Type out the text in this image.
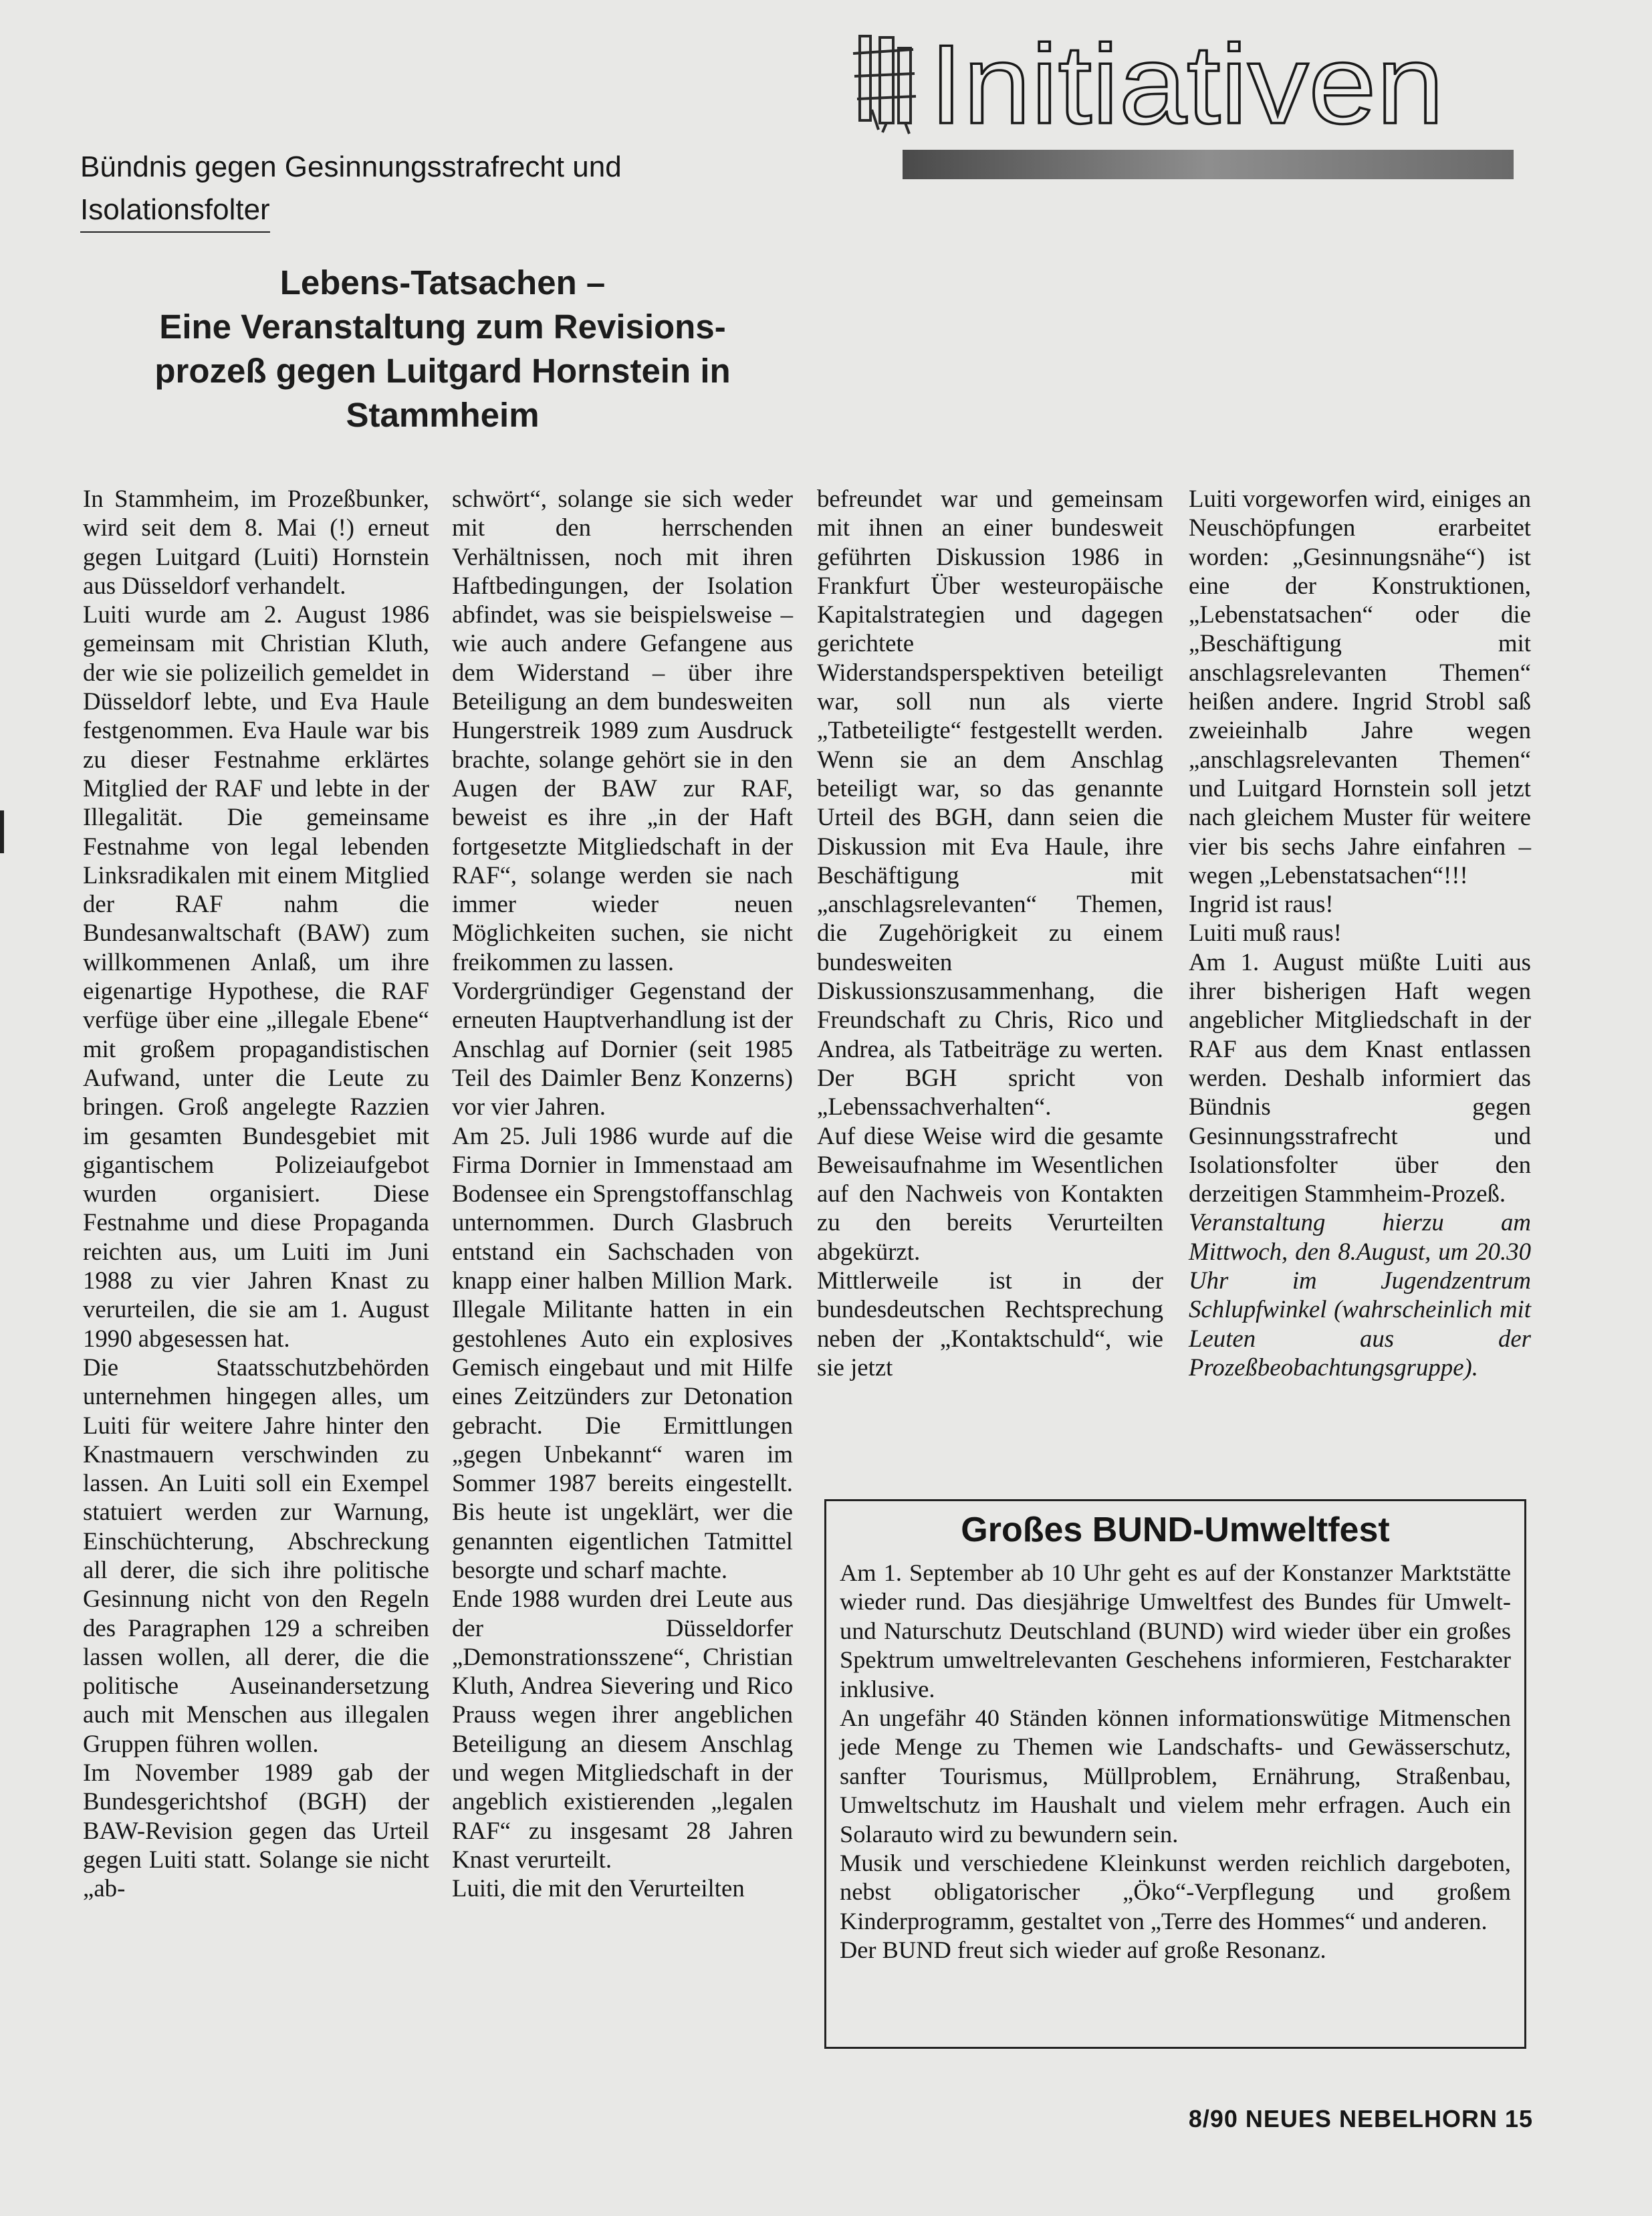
Initiativen
Bündnis gegen Gesinnungsstrafrecht und
Isolationsfolter
Lebens-Tatsachen –
Eine Veranstaltung zum Revisions-
prozeß gegen Luitgard Hornstein in
Stammheim

In Stammheim, im Prozeßbunker, wird seit dem 8. Mai (!) erneut gegen Luitgard (Luiti) Hornstein aus Düsseldorf verhandelt.

Luiti wurde am 2. August 1986 gemeinsam mit Christian Kluth, der wie sie polizeilich gemeldet in Düsseldorf lebte, und Eva Haule festgenommen. Eva Haule war bis zu dieser Festnahme erklärtes Mitglied der RAF und lebte in der Illegalität. Die gemeinsame Festnahme von legal lebenden Linksradikalen mit einem Mitglied der RAF nahm die Bundesanwaltschaft (BAW) zum willkommenen Anlaß, um ihre eigenartige Hypothese, die RAF verfüge über eine „illegale Ebene“ mit großem propagandistischen Aufwand, unter die Leute zu bringen. Groß angelegte Razzien im gesamten Bundesgebiet mit gigantischem Polizeiaufgebot wurden organisiert. Diese Festnahme und diese Propaganda reichten aus, um Luiti im Juni 1988 zu vier Jahren Knast zu verurteilen, die sie am 1. August 1990 abgesessen hat.

Die Staatsschutzbehörden unternehmen hingegen alles, um Luiti für weitere Jahre hinter den Knastmauern verschwinden zu lassen. An Luiti soll ein Exempel statuiert werden zur Warnung, Einschüchterung, Abschreckung all derer, die sich ihre politische Gesinnung nicht von den Regeln des Paragraphen 129 a schreiben lassen wollen, all derer, die die politische Auseinandersetzung auch mit Menschen aus illegalen Gruppen führen wollen.

Im November 1989 gab der Bundesgerichtshof (BGH) der BAW-Revision gegen das Urteil gegen Luiti statt. Solange sie nicht „ab-

schwört“, solange sie sich weder mit den herrschenden Verhältnissen, noch mit ihren Haftbedingungen, der Isolation abfindet, was sie beispielsweise – wie auch andere Gefangene aus dem Widerstand – über ihre Beteiligung an dem bundesweiten Hungerstreik 1989 zum Ausdruck brachte, solange gehört sie in den Augen der BAW zur RAF, beweist es ihre „in der Haft fortgesetzte Mitgliedschaft in der RAF“, solange werden sie nach immer wieder neuen Möglichkeiten suchen, sie nicht freikommen zu lassen.

Vordergründiger Gegenstand der erneuten Hauptverhandlung ist der Anschlag auf Dornier (seit 1985 Teil des Daimler Benz Konzerns) vor vier Jahren.

Am 25. Juli 1986 wurde auf die Firma Dornier in Immenstaad am Bodensee ein Sprengstoffanschlag unternommen. Durch Glasbruch entstand ein Sachschaden von knapp einer halben Million Mark. Illegale Militante hatten in ein gestohlenes Auto ein explosives Gemisch eingebaut und mit Hilfe eines Zeitzünders zur Detonation gebracht. Die Ermittlungen „gegen Unbekannt“ waren im Sommer 1987 bereits eingestellt. Bis heute ist ungeklärt, wer die genannten eigentlichen Tatmittel besorgte und scharf machte.

Ende 1988 wurden drei Leute aus der Düsseldorfer „Demonstrationsszene“, Christian Kluth, Andrea Sievering und Rico Prauss wegen ihrer angeblichen Beteiligung an diesem Anschlag und wegen Mitgliedschaft in der angeblich existierenden „legalen RAF“ zu insgesamt 28 Jahren Knast verurteilt.

Luiti, die mit den Verurteilten

befreundet war und gemeinsam mit ihnen an einer bundesweit geführten Diskussion 1986 in Frankfurt Über westeuropäische Kapitalstrategien und dagegen gerichtete Widerstandsperspektiven beteiligt war, soll nun als vierte „Tatbeteiligte“ festgestellt werden. Wenn sie an dem Anschlag beteiligt war, so das genannte Urteil des BGH, dann seien die Diskussion mit Eva Haule, ihre Beschäftigung mit „anschlagsrelevanten“ Themen, die Zugehörigkeit zu einem bundesweiten Diskussionszusammenhang, die Freundschaft zu Chris, Rico und Andrea, als Tatbeiträge zu werten. Der BGH spricht von „Lebenssachverhalten“.

Auf diese Weise wird die gesamte Beweisaufnahme im Wesentlichen auf den Nachweis von Kontakten zu den bereits Verurteilten abgekürzt.

Mittlerweile ist in der bundesdeutschen Rechtsprechung neben der „Kontaktschuld“, wie sie jetzt

Luiti vorgeworfen wird, einiges an Neuschöpfungen erarbeitet worden: „Gesinnungsnähe“) ist eine der Konstruktionen, „Lebenstatsachen“ oder die „Beschäftigung mit anschlagsrelevanten Themen“ heißen andere. Ingrid Strobl saß zweieinhalb Jahre wegen „anschlagsrelevanten Themen“ und Luitgard Hornstein soll jetzt nach gleichem Muster für weitere vier bis sechs Jahre einfahren – wegen „Lebenstatsachen“!!!

Ingrid ist raus!

Luiti muß raus!

Am 1. August müßte Luiti aus ihrer bisherigen Haft wegen angeblicher Mitgliedschaft in der RAF aus dem Knast entlassen werden. Deshalb informiert das Bündnis gegen Gesinnungsstrafrecht und Isolationsfolter über den derzeitigen Stammheim-Prozeß.

Veranstaltung hierzu am Mittwoch, den 8.August, um 20.30 Uhr im Jugendzentrum Schlupfwinkel (wahrscheinlich mit Leuten aus der Prozeßbeobachtungsgruppe).

Großes BUND-Umweltfest

Am 1. September ab 10 Uhr geht es auf der Konstanzer Marktstätte wieder rund. Das diesjährige Umweltfest des Bundes für Umwelt- und Naturschutz Deutschland (BUND) wird wieder über ein großes Spektrum umweltrelevanten Geschehens informieren, Festcharakter inklusive.

An ungefähr 40 Ständen können informationswütige Mitmenschen jede Menge zu Themen wie Landschafts- und Gewässerschutz, sanfter Tourismus, Müllproblem, Ernährung, Straßenbau, Umweltschutz im Haushalt und vielem mehr erfragen. Auch ein Solarauto wird zu bewundern sein.

Musik und verschiedene Kleinkunst werden reichlich dargeboten, nebst obligatorischer „Öko“-Verpflegung und großem Kinderprogramm, gestaltet von „Terre des Hommes“ und anderen.

Der BUND freut sich wieder auf große Resonanz.

8/90 NEUES NEBELHORN 15
